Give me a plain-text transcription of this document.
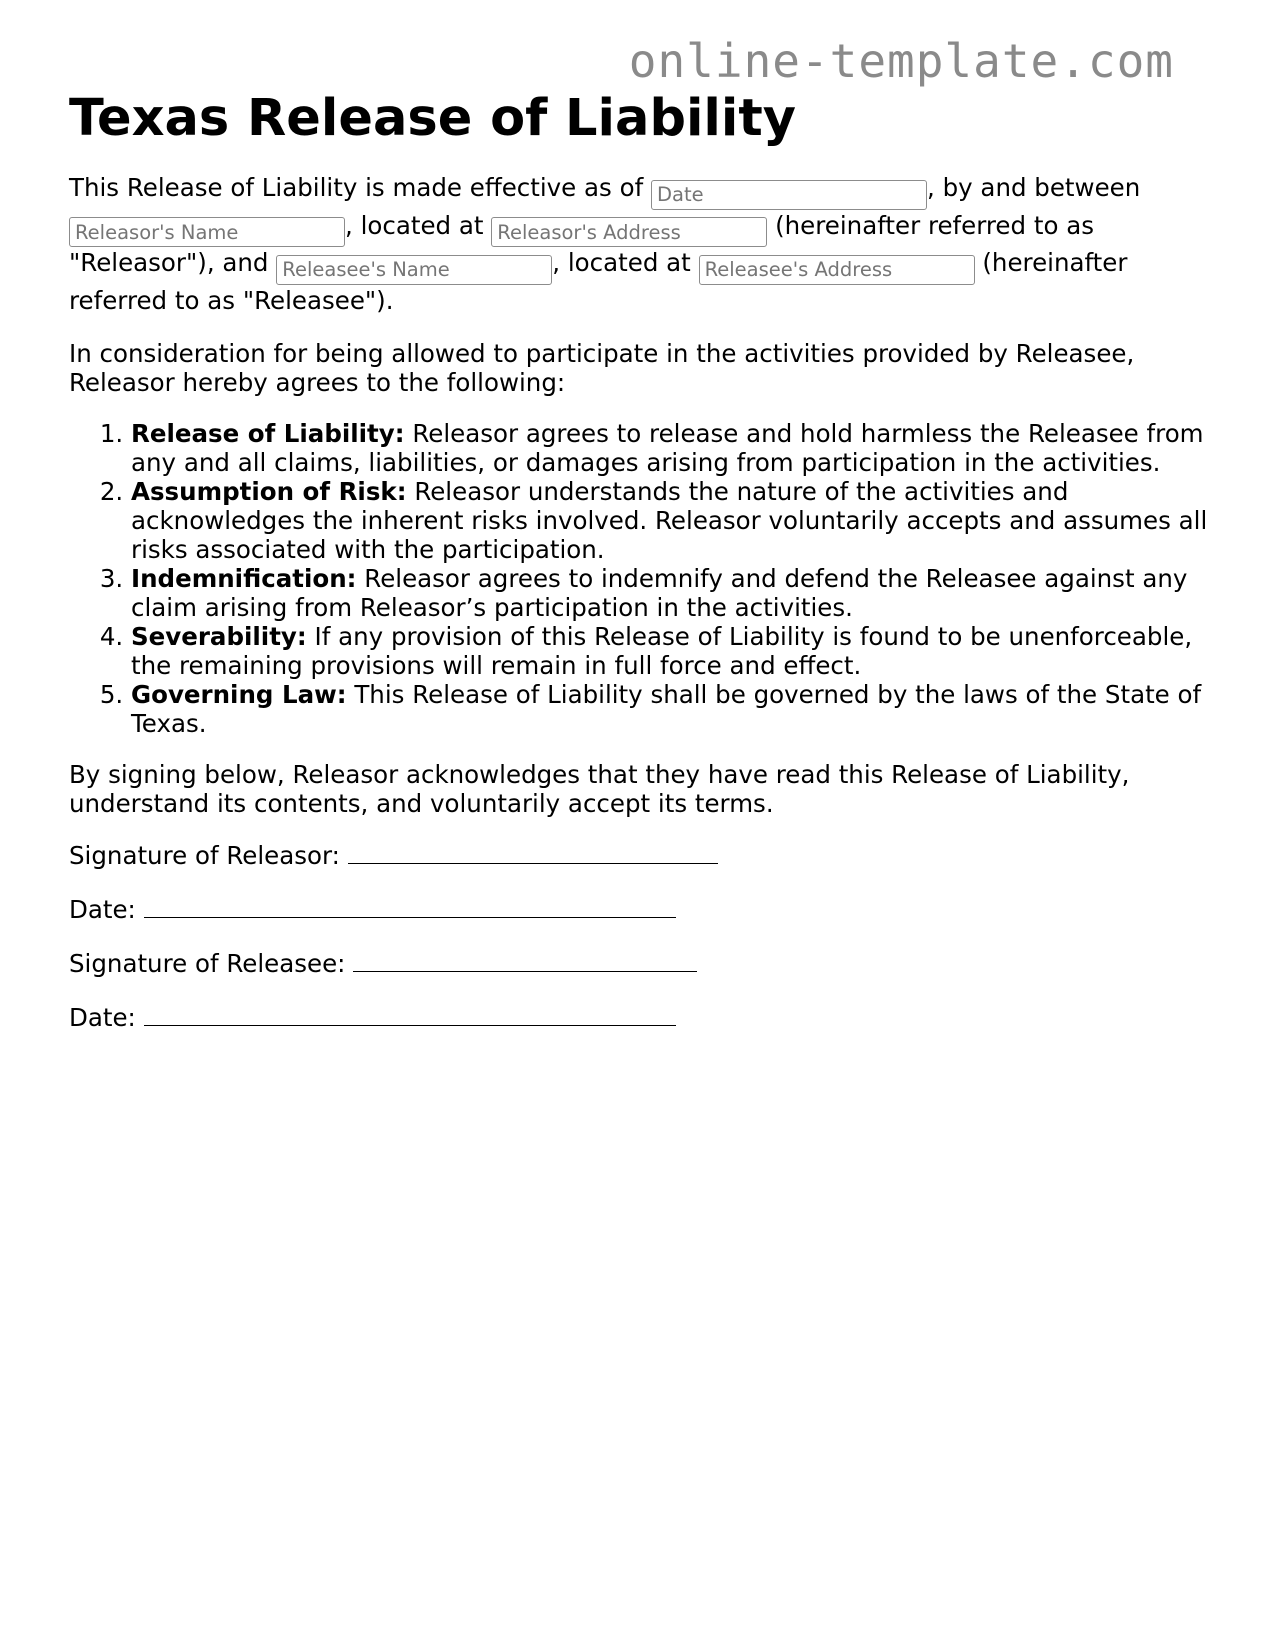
online-template.com
Texas Release of Liability

This Release of Liability is made effective as of Date	, by and between Releasor's Name, located at Releasor's Address	(hereinafter referred to as "Releasor"), and Releasee's Name	, located at Releasee's Address	(hereinafter referred to as "Releasee").

In consideration for being allowed to participate in the activities provided by Releasee, Releasor hereby agrees to the following:

1. Release of Liability: Releasor agrees to release and hold harmless the Releasee from any and all claims, liabilities, or damages arising from participation in the activities.
2. Assumption of Risk: Releasor understands the nature of the activities and acknowledges the inherent risks involved. Releasor voluntarily accepts and assumes all risks associated with the participation.
3. Indemnification: Releasor agrees to indemnify and defend the Releasee against any claim arising from Releasor’s participation in the activities.
4. Severability: If any provision of this Release of Liability is found to be unenforceable, the remaining provisions will remain in full force and effect.
5. Governing Law: This Release of Liability shall be governed by the laws of the State of Texas.

By signing below, Releasor acknowledges that they have read this Release of Liability, understand its contents, and voluntarily accept its terms.

Signature of Releasor:

Date:

Signature of Releasee:

Date:
